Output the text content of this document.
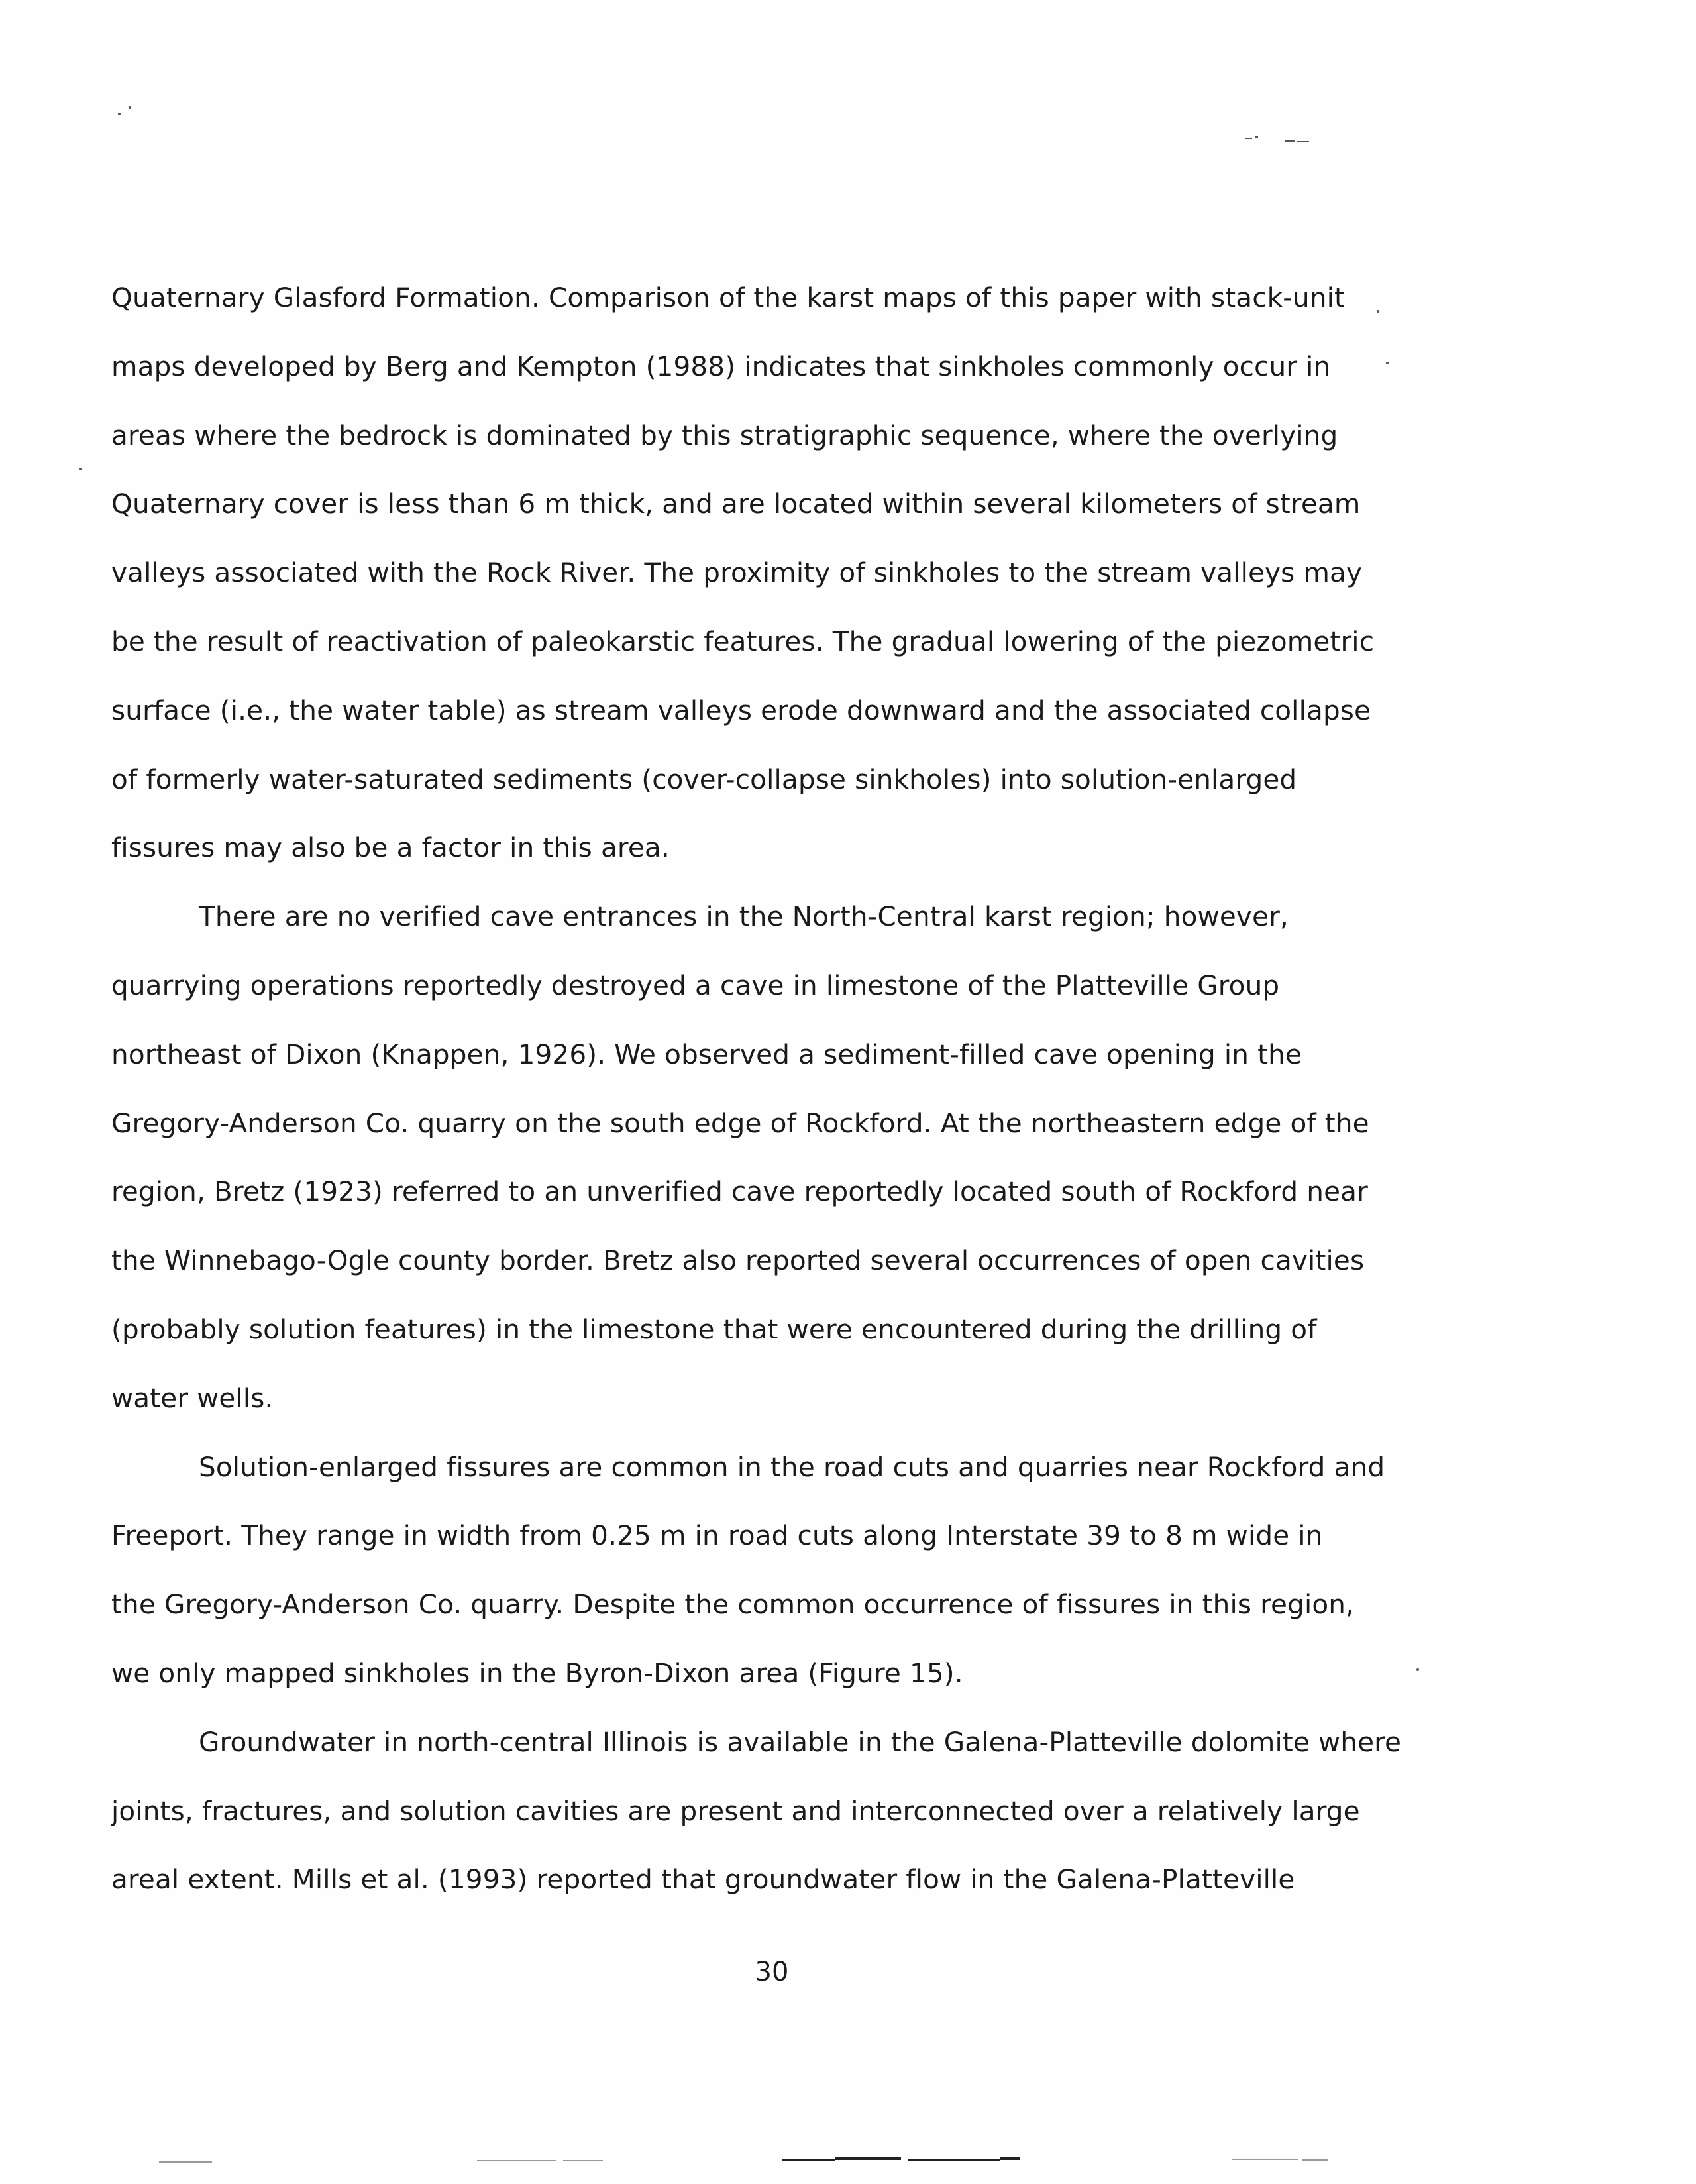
Quaternary Glasford Formation. Comparison of the karst maps of this paper with stack-unit
maps developed by Berg and Kempton (1988) indicates that sinkholes commonly occur in
areas where the bedrock is dominated by this stratigraphic sequence, where the overlying
Quaternary cover is less than 6 m thick, and are located within several kilometers of stream
valleys associated with the Rock River. The proximity of sinkholes to the stream valleys may
be the result of reactivation of paleokarstic features. The gradual lowering of the piezometric
surface (i.e., the water table) as stream valleys erode downward and the associated collapse
of formerly water-saturated sediments (cover-collapse sinkholes) into solution-enlarged
fissures may also be a factor in this area.
There are no verified cave entrances in the North-Central karst region; however,
quarrying operations reportedly destroyed a cave in limestone of the Platteville Group
northeast of Dixon (Knappen, 1926). We observed a sediment-filled cave opening in the
Gregory-Anderson Co. quarry on the south edge of Rockford. At the northeastern edge of the
region, Bretz (1923) referred to an unverified cave reportedly located south of Rockford near
the Winnebago-Ogle county border. Bretz also reported several occurrences of open cavities
(probably solution features) in the limestone that were encountered during the drilling of
water wells.
Solution-enlarged fissures are common in the road cuts and quarries near Rockford and
Freeport. They range in width from 0.25 m in road cuts along Interstate 39 to 8 m wide in
the Gregory-Anderson Co. quarry. Despite the common occurrence of fissures in this region,
we only mapped sinkholes in the Byron-Dixon area (Figure 15).
Groundwater in north-central Illinois is available in the Galena-Platteville dolomite where
joints, fractures, and solution cavities are present and interconnected over a relatively large
areal extent. Mills et al. (1993) reported that groundwater flow in the Galena-Platteville
30
